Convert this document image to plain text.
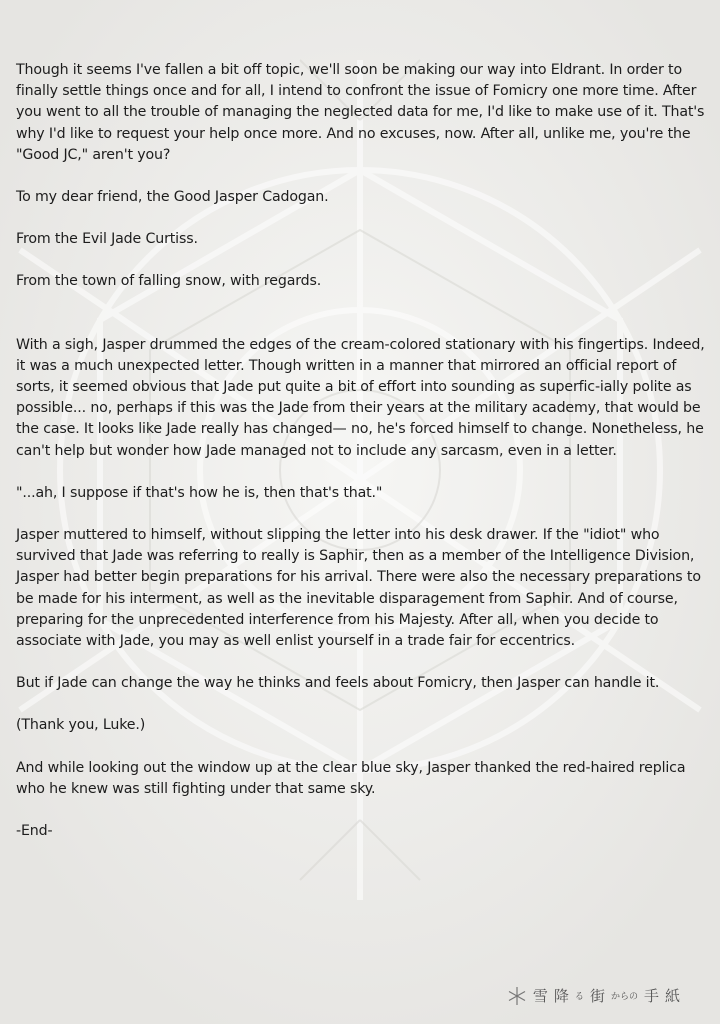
Though it seems I've fallen a bit off topic, we'll soon be making our way into Eldrant. In order to finally settle things once and for all, I intend to confront the issue of Fomicry one more time. After you went to all the trouble of managing the neglected data for me, I'd like to make use of it. That's why I'd like to request your help once more. And no excuses, now. After all, unlike me, you're the "Good JC," aren't you?

To my dear friend, the Good Jasper Cadogan.

From the Evil Jade Curtiss.

From the town of falling snow, with regards.

With a sigh, Jasper drummed the edges of the cream-colored stationary with his fingertips. Indeed, it was a much unexpected letter. Though written in a manner that mirrored an official report of sorts, it seemed obvious that Jade put quite a bit of effort into sounding as superfic-ially polite as possible... no, perhaps if this was the Jade from their years at the military academy, that would be the case. It looks like Jade really has changed— no, he's forced himself to change. Nonetheless, he can't help but wonder how Jade managed not to include any sarcasm, even in a letter.

"...ah, I suppose if that's how he is, then that's that."

Jasper muttered to himself, without slipping the letter into his desk drawer. If the "idiot" who survived that Jade was referring to really is Saphir, then as a member of the Intelligence Division, Jasper had better begin preparations for his arrival. There were also the necessary preparations to be made for his interment, as well as the inevitable disparagement from Saphir. And of course, preparing for the unprecedented interference from his Majesty. After all, when you decide to associate with Jade, you may as well enlist yourself in a trade fair for eccentrics.

But if Jade can change the way he thinks and feels about Fomicry, then Jasper can handle it.

(Thank you, Luke.)

And while looking out the window up at the clear blue sky, Jasper thanked the red-haired replica who he knew was still fighting under that same sky.

-End-

雪 降 る 街 からの 手 紙
